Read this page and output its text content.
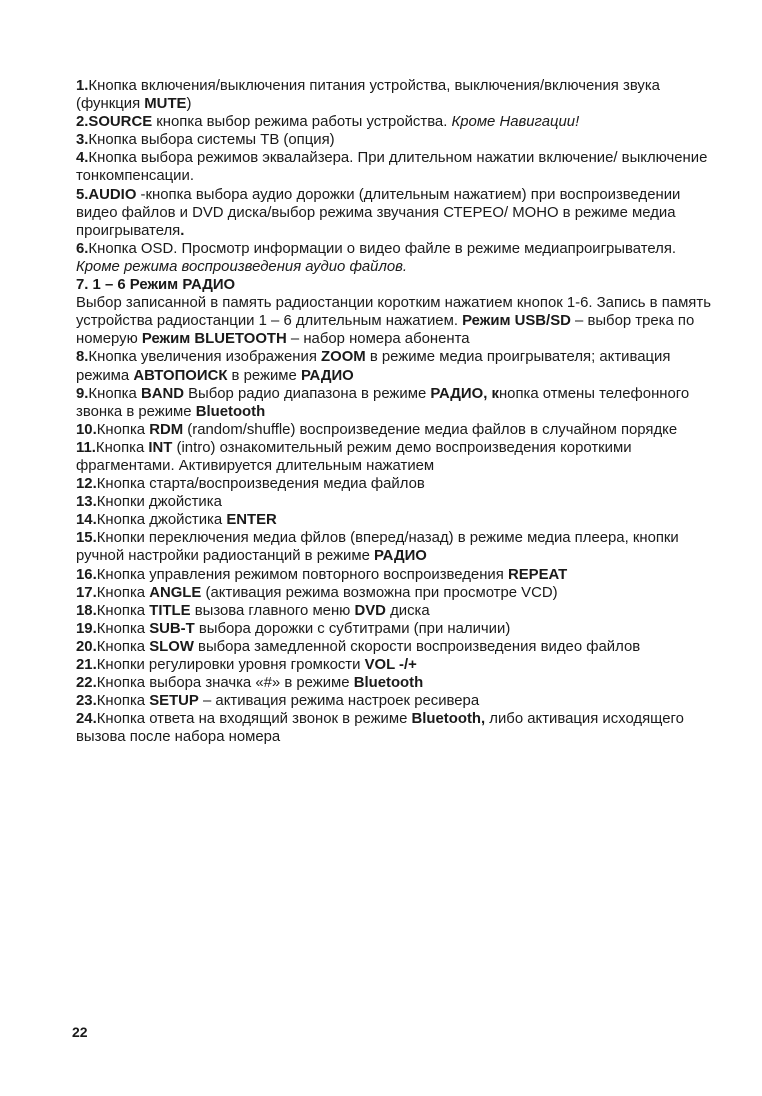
1.Кнопка включения/выключения питания устройства, выключения/включения звука (функция MUTE)
2.SOURCE кнопка выбор режима работы устройства. Кроме Навигации!
3.Кнопка выбора системы ТВ (опция)
4.Кнопка выбора режимов эквалайзера. При длительном нажатии включение/ выключение тонкомпенсации.
5.AUDIO -кнопка выбора аудио дорожки (длительным нажатием) при воспроизведении видео файлов и DVD диска/выбор режима звучания СТЕРЕО/ МОНО в режиме медиа проигрывателя.
6.Кнопка OSD. Просмотр информации о видео файле в режиме медиапроигрывателя. Кроме режима воспроизведения аудио файлов.
7. 1 – 6 Режим РАДИО
Выбор записанной в память радиостанции коротким нажатием кнопок 1-6. Запись в память устройства радиостанции 1 – 6 длительным нажатием. Режим USB/SD – выбор трека по номерую Режим BLUETOOTH – набор номера абонента
8.Кнопка увеличения изображения ZOOM в режиме медиа проигрывателя; активация режима АВТОПОИСК в режиме РАДИО
9.Кнопка BAND Выбор радио диапазона в режиме РАДИО, кнопка отмены телефонного звонка в режиме Bluetooth
10.Кнопка RDM (random/shuffle) воспроизведение медиа файлов в случайном порядке
11.Кнопка INT (intro) ознакомительный режим демо воспроизведения короткими фрагментами. Активируется длительным нажатием
12.Кнопка старта/воспроизведения медиа файлов
13.Кнопки джойстика
14.Кнопка джойстика ENTER
15.Кнопки переключения медиа фйлов (вперед/назад) в режиме медиа плеера, кнопки ручной настройки радиостанций в режиме РАДИО
16.Кнопка управления режимом повторного воспроизведения REPEAT
17.Кнопка ANGLE (активация режима возможна при просмотре VCD)
18.Кнопка TITLE вызова главного меню DVD диска
19.Кнопка SUB-T выбора дорожки с субтитрами (при наличии)
20.Кнопка SLOW выбора замедленной скорости воспроизведения видео файлов
21.Кнопки регулировки уровня громкости VOL -/+
22.Кнопка выбора значка «#» в режиме Bluetooth
23.Кнопка SETUP – активация режима настроек ресивера
24.Кнопка ответа на входящий звонок в режиме Bluetooth, либо активация исходящего вызова после набора номера
22
